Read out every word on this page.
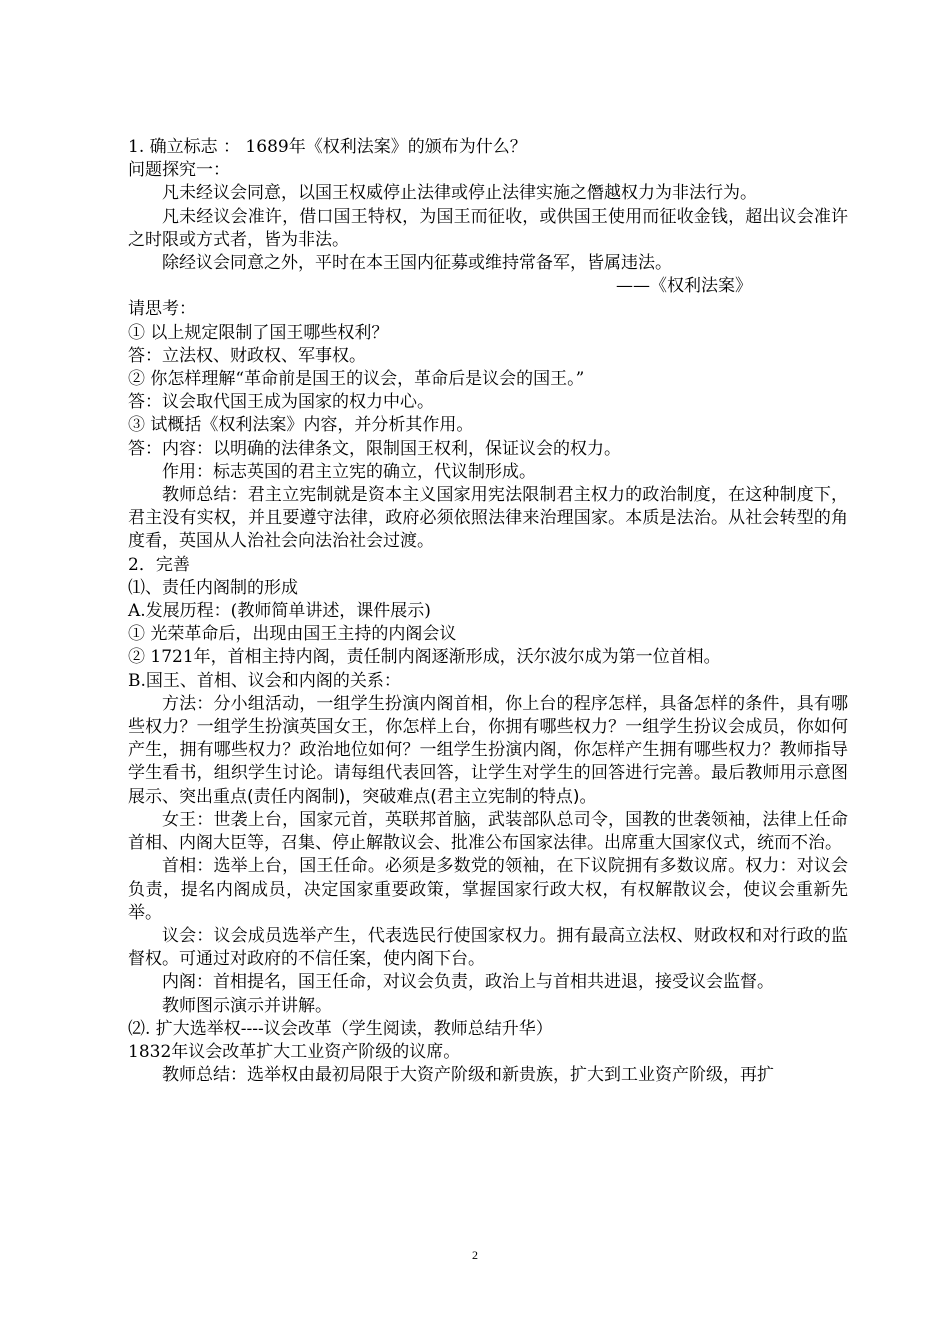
1. 确立标志 ： 1689年《权利法案》的颁布为什么？
问题探究一：
凡未经议会同意，以国王权威停止法律或停止法律实施之僭越权力为非法行为。
凡未经议会准许，借口国王特权，为国王而征收，或供国王使用而征收金钱，超出议会准许之时限或方式者，皆为非法。
除经议会同意之外，平时在本王国内征募或维持常备军，皆属违法。
——《权利法案》
请思考：
① 以上规定限制了国王哪些权利？
答：立法权、财政权、军事权。
② 你怎样理解“革命前是国王的议会，革命后是议会的国王。”
答：议会取代国王成为国家的权力中心。
③ 试概括《权利法案》内容，并分析其作用。
答：内容：以明确的法律条文，限制国王权利，保证议会的权力。
作用：标志英国的君主立宪的确立，代议制形成。
教师总结：君主立宪制就是资本主义国家用宪法限制君主权力的政治制度，在这种制度下，君主没有实权，并且要遵守法律，政府必须依照法律来治理国家。本质是法治。从社会转型的角度看，英国从人治社会向法治社会过渡。
2．完善
⑴、责任内阁制的形成
A.发展历程：(教师简单讲述，课件展示)
① 光荣革命后，出现由国王主持的内阁会议
② 1721年，首相主持内阁，责任制内阁逐渐形成，沃尔波尔成为第一位首相。
B.国王、首相、议会和内阁的关系：
方法：分小组活动，一组学生扮演内阁首相，你上台的程序怎样，具备怎样的条件，具有哪些权力？一组学生扮演英国女王，你怎样上台，你拥有哪些权力？一组学生扮议会成员，你如何产生，拥有哪些权力？政治地位如何？一组学生扮演内阁，你怎样产生拥有哪些权力？教师指导学生看书，组织学生讨论。请每组代表回答，让学生对学生的回答进行完善。最后教师用示意图展示、突出重点(责任内阁制)，突破难点(君主立宪制的特点)。
女王：世袭上台，国家元首，英联邦首脑，武装部队总司令，国教的世袭领袖，法律上任命首相、内阁大臣等，召集、停止解散议会、批准公布国家法律。出席重大国家仪式，统而不治。
首相：选举上台，国王任命。必须是多数党的领袖，在下议院拥有多数议席。权力：对议会负责，提名内阁成员，决定国家重要政策，掌握国家行政大权，有权解散议会，使议会重新先举。
议会：议会成员选举产生，代表选民行使国家权力。拥有最高立法权、财政权和对行政的监督权。可通过对政府的不信任案，使内阁下台。
内阁：首相提名，国王任命，对议会负责，政治上与首相共进退，接受议会监督。
教师图示演示并讲解。
⑵. 扩大选举权----议会改革（学生阅读，教师总结升华）
1832年议会改革扩大工业资产阶级的议席。
教师总结：选举权由最初局限于大资产阶级和新贵族，扩大到工业资产阶级，再扩
2
